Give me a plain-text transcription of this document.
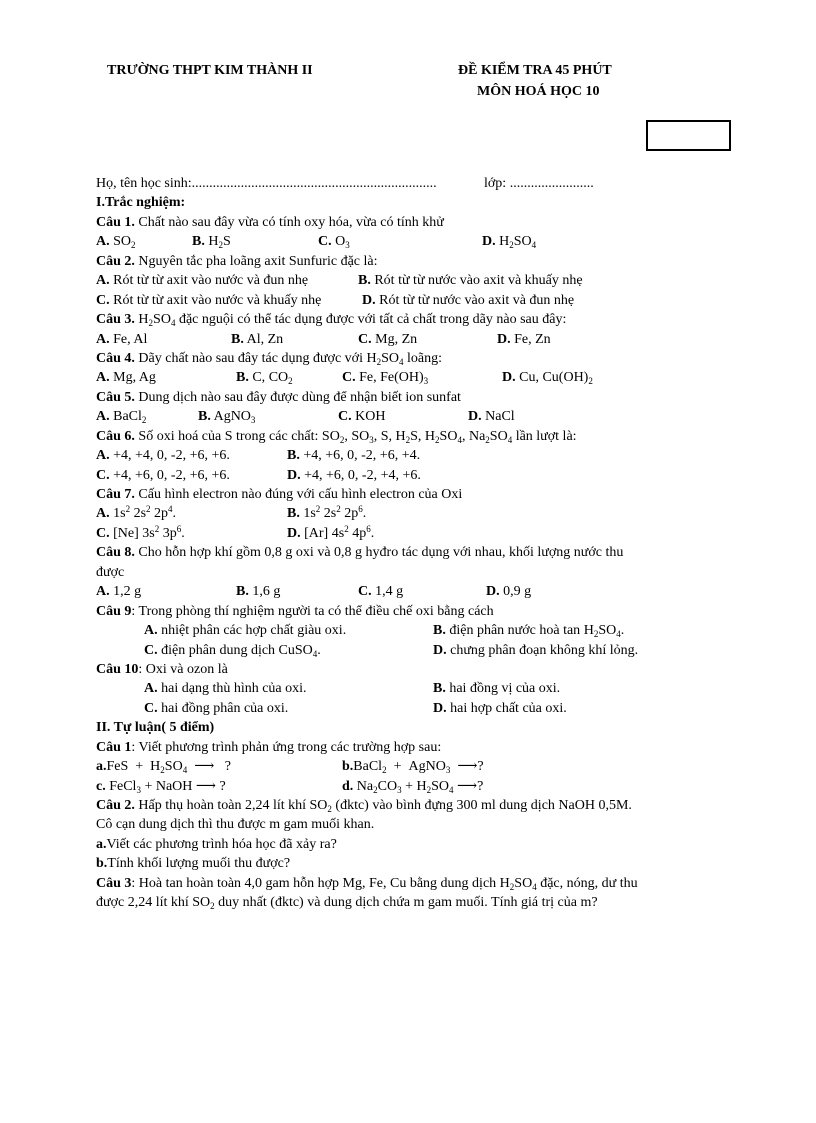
TRƯỜNG THPT KIM THÀNH II	ĐỀ KIỂM TRA 45 PHÚT
MÔN HOÁ HỌC 10
Họ, tên học sinh:......................................................................	lớp: ........................
I.Trắc nghiệm:
Câu 1. Chất nào sau đây vừa có tính oxy hóa, vừa có tính khử
A. $SO_2$	B. $H_2S$	C. $O_3$	D. $H_2SO_4$
Câu 2. Nguyên tắc pha loãng axit Sunfuric đặc là:
A. Rót từ từ axit vào nước và đun nhẹ	B. Rót từ từ nước vào axit và khuấy nhẹ
C. Rót từ từ axit vào nước và khuấy nhẹ	D. Rót từ từ nước vào axit và đun nhẹ
Câu 3. $H_2SO_4$ đặc nguội có thể tác dụng được với tất cả chất trong dãy nào sau đây:
A. Fe, Al	B. Al, Zn	C. Mg, Zn	D. Fe, Zn
Câu 4. Dãy chất nào sau đây tác dụng được với $H_2SO_4$ loãng:
A. Mg, Ag	B. C, $CO_2$	C. Fe, $Fe(OH)_3$	D. Cu, $Cu(OH)_2$
Câu 5. Dung dịch nào sau đây được dùng để nhận biết ion sunfat
A. BaCl$_2$	B. AgNO$_3$	C. KOH	D. NaCl
Câu 6. Số oxi hoá của S trong các chất: $SO_2$, $SO_3$, S, $H_2S$, $H_2SO_4$, $Na_2SO_4$ lần lượt là:
A. +4, +4, 0, -2, +6, +6.	B. +4, +6, 0, -2, +6, +4.
C. +4, +6, 0, -2, +6, +6.	D. +4, +6, 0, -2, +4, +6.
Câu 7. Cấu hình electron nào đúng với cấu hình electron của Oxi
A. $1s^2$ $2s^2$ $2p^4$.	B. $1s^2$ $2s^2$ $2p^6$.
C. [Ne] $3s^2$ $3p^6$.	D. [Ar] $4s^2$ $4p^6$.
Câu 8. Cho hỗn hợp khí gồm 0,8 g oxi và 0,8 g hyđro tác dụng với nhau, khối lượng nước thu
được
A. 1,2 g	B. 1,6 g	C. 1,4 g	D. 0,9 g
Câu 9: Trong phòng thí nghiệm người ta có thể điều chế oxi bằng cách
A. nhiệt phân các hợp chất giàu oxi.	B. điện phân nước hoà $\tan H_2SO_4$.
C. điện phân dung dịch CuSO$_4$.	D. chưng phân đoạn không khí lỏng.
Câu 10: Oxi và ozon là
A. hai dạng thù hình của oxi.	B. hai đồng vị của oxi.
C. hai đồng phân của oxi.	D. hai hợp chất của oxi.
II. Tự luận( 5 điểm)
Câu 1: Viết phương trình phản ứng trong các trường hợp sau:
$a.FeS + H_2SO_4$  ⟶   ?	b.BaCl$_2$  +  AgNO$_3$  ⟶?
c. FeCl$_3$ + NaOH ⟶ ?	d. $Na_2CO_3 + H_2SO_4$ ⟶?
Câu 2. Hấp thụ hoàn toàn 2,24 lít khí $SO_2$ (đktc) vào bình đựng 300 ml dung dịch NaOH 0,5M.
Cô cạn dung dịch thì thu được m gam muối khan.
a.Viết các phương trình hóa học đã xảy ra?
b.Tính khối lượng muối thu được?
Câu 3: Hoà tan hoàn toàn 4,0 gam hỗn hợp Mg, Fe, Cu bằng dung dịch $H_2SO_4$ đặc, nóng, dư thu
được 2,24 lít khí $SO_2$ duy nhất (đktc) và dung dịch chứa m gam muối. Tính giá trị của m?
